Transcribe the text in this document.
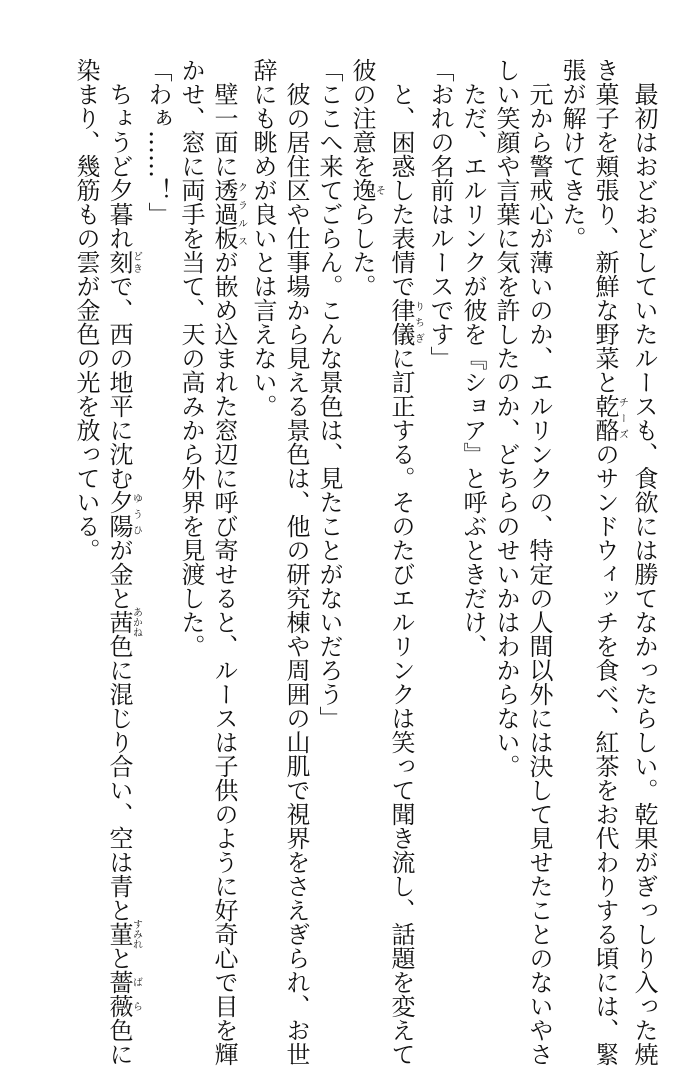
最初はおどおどしていたルースも、食欲には勝てなかったらしい。乾果がぎっしり入った焼
き菓子を頬張り、新鮮な野菜と乾酪チーズのサンドウィッチを食べ、紅茶をお代わりする頃には、緊
張が解けてきた。
元から警戒心が薄いのか、エルリンクの、特定の人間以外には決して見せたことのないやさ
しい笑顔や言葉に気を許したのか、どちらのせいかはわからない。
ただ、エルリンクが彼を『ショア』と呼ぶときだけ、
「おれの名前はルースです」
と、困惑した表情で律儀りちぎに訂正する。そのたびエルリンクは笑って聞き流し、話題を変えて
彼の注意を逸そらした。
「ここへ来てごらん。こんな景色は、見たことがないだろう」
彼の居住区や仕事場から見える景色は、他の研究棟や周囲の山肌で視界をさえぎられ、お世
辞にも眺めが良いとは言えない。
壁一面に透過板クラルスが嵌め込まれた窓辺に呼び寄せると、ルースは子供のように好奇心で目を輝
かせ、窓に両手を当て、天の高みから外界を見渡した。
「わぁ……！」
ちょうど夕暮れ刻どきで、西の地平に沈む夕陽ゆうひが金と茜あかね色に混じり合い、空は青と菫すみれと薔薇ばら色に
染まり、幾筋もの雲が金色の光を放っている。
